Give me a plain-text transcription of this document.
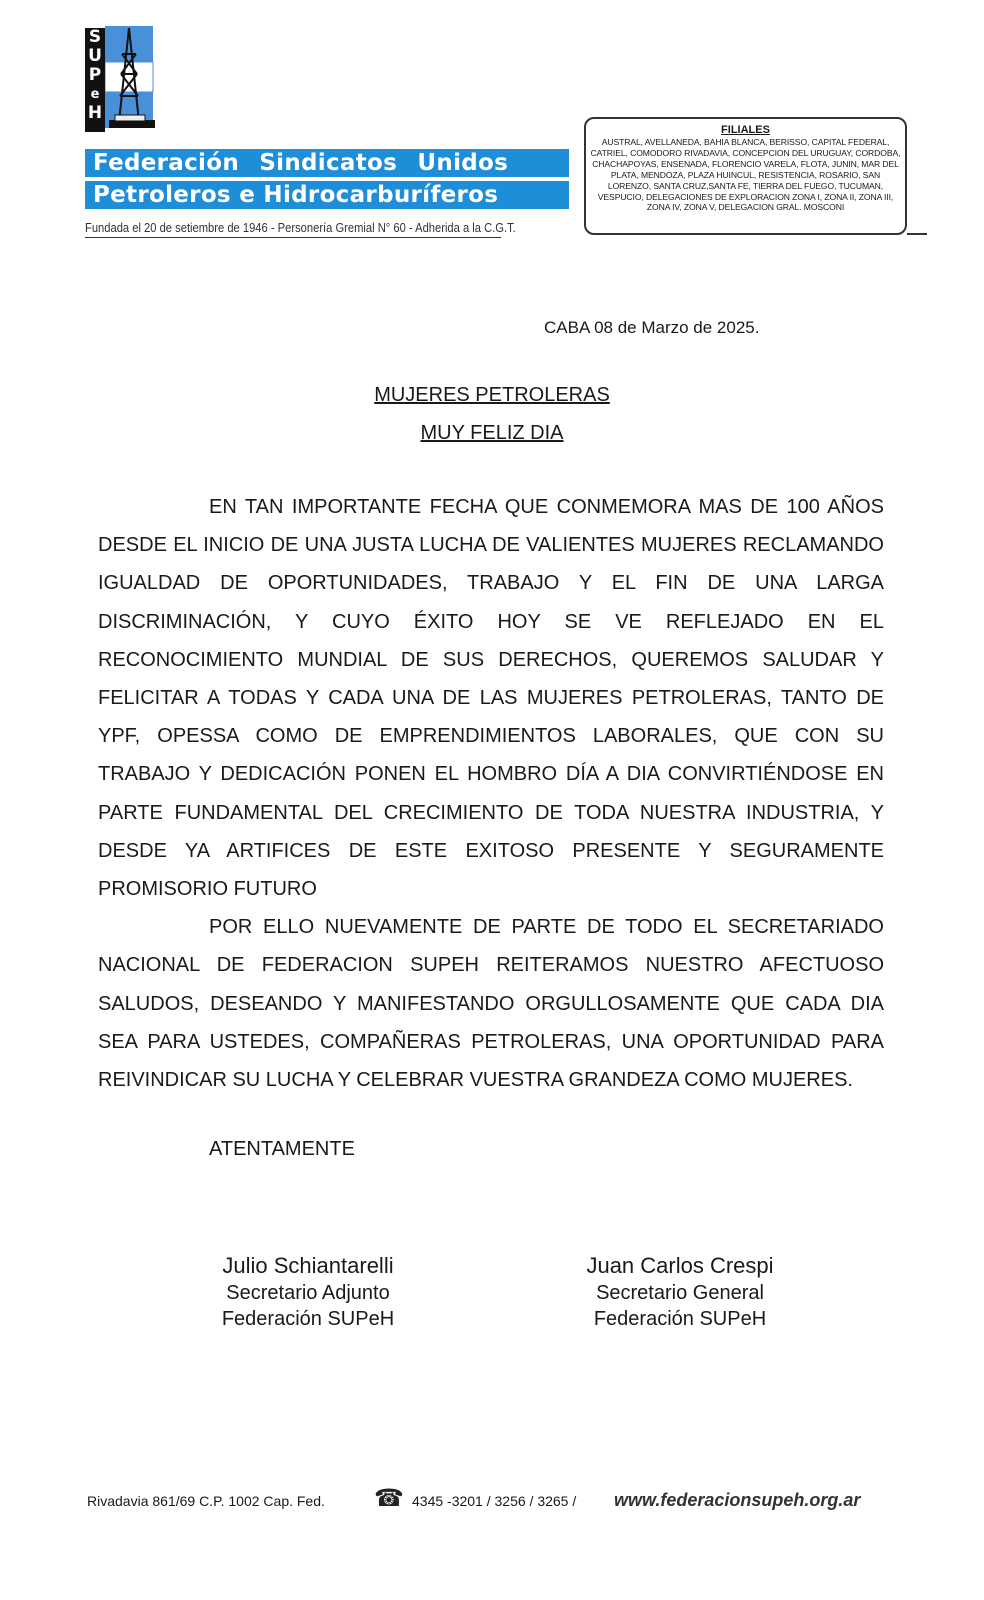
S
U
P
e
H
Federación Sindicatos Unidos
Petroleros e Hidrocarburíferos
Fundada el 20 de setiembre de 1946 - Personería Gremial N° 60 - Adherida a la C.G.T.
FILIALES
AUSTRAL, AVELLANEDA, BAHIA BLANCA, BERISSO, CAPITAL FEDERAL, CATRIEL, COMODORO RIVADAVIA, CONCEPCION DEL URUGUAY, CORDOBA, CHACHAPOYAS, ENSENADA, FLORENCIO VARELA, FLOTA, JUNIN, MAR DEL PLATA, MENDOZA, PLAZA HUINCUL, RESISTENCIA, ROSARIO, SAN LORENZO, SANTA CRUZ,SANTA FE, TIERRA DEL FUEGO, TUCUMAN, VESPUCIO, DELEGACIONES DE EXPLORACION ZONA I, ZONA II, ZONA III, ZONA IV, ZONA V, DELEGACION GRAL. MOSCONI
CABA 08 de Marzo de 2025.
MUJERES PETROLERAS
MUY FELIZ DIA

EN TAN IMPORTANTE FECHA QUE CONMEMORA MAS DE 100 AÑOS DESDE EL INICIO DE UNA JUSTA LUCHA DE VALIENTES MUJERES RECLAMANDO IGUALDAD DE OPORTUNIDADES, TRABAJO Y EL FIN DE UNA LARGA DISCRIMINACIÓN, Y CUYO ÉXITO HOY SE VE REFLEJADO EN EL RECONOCIMIENTO MUNDIAL DE SUS DERECHOS, QUEREMOS SALUDAR Y FELICITAR A TODAS Y CADA UNA DE LAS MUJERES PETROLERAS, TANTO DE YPF, OPESSA COMO DE EMPRENDIMIENTOS LABORALES, QUE CON SU TRABAJO Y DEDICACIÓN PONEN EL HOMBRO DÍA A DIA CONVIRTIÉNDOSE EN PARTE FUNDAMENTAL DEL CRECIMIENTO DE TODA NUESTRA INDUSTRIA, Y DESDE YA ARTIFICES DE ESTE EXITOSO PRESENTE Y SEGURAMENTE PROMISORIO FUTURO

POR ELLO NUEVAMENTE DE PARTE DE TODO EL SECRETARIADO NACIONAL DE FEDERACION SUPEH REITERAMOS NUESTRO AFECTUOSO SALUDOS, DESEANDO Y MANIFESTANDO ORGULLOSAMENTE QUE CADA DIA SEA PARA USTEDES, COMPAÑERAS PETROLERAS, UNA OPORTUNIDAD PARA REIVINDICAR SU LUCHA Y CELEBRAR VUESTRA GRANDEZA COMO MUJERES.

ATENTAMENTE
Julio Schiantarelli
Secretario Adjunto
Federación SUPeH
Juan Carlos Crespi
Secretario General
Federación SUPeH
Rivadavia 861/69 C.P. 1002 Cap. Fed. ☎ 4345 -3201 / 3256 / 3265 / www.federacionsupeh.org.ar
